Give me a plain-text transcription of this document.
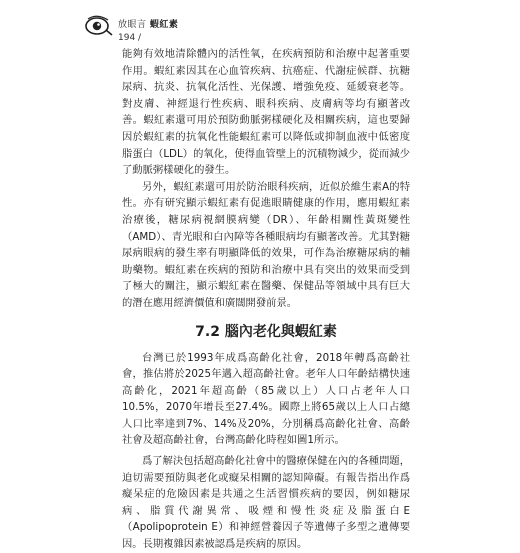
放眼言 蝦紅素
194 /

能夠有效地清除體內的活性氧，在疾病預防和治療中起著重要作用。蝦紅素因其在心血管疾病、抗癌症、代謝症候群、抗糖尿病、抗炎、抗氧化活性、光保護、增強免疫、延緩衰老等。對皮膚、神經退行性疾病、眼科疾病、皮膚病等均有顯著改善。蝦紅素還可用於預防動脈粥樣硬化及相關疾病，這也要歸因於蝦紅素的抗氧化性能蝦紅素可以降低或抑制血液中低密度脂蛋白（LDL）的氧化，使得血管壁上的沉積物減少，從而減少了動脈粥樣硬化的發生。

另外，蝦紅素還可用於防治眼科疾病，近似於維生素A的特性。亦有研究顯示蝦紅素有促進眼睛健康的作用，應用蝦紅素治療後，糖尿病視網膜病變（DR）、年齡相關性黃斑變性（AMD）、青光眼和白內障等各種眼病均有顯著改善。尤其對糖尿病眼病的發生率有明顯降低的效果，可作為治療糖尿病的輔助藥物。蝦紅素在疾病的預防和治療中具有突出的效果而受到了極大的關注，顯示蝦紅素在醫藥、保健品等領域中具有巨大的潛在應用經濟價值和廣闊開發前景。

7.2 腦內老化與蝦紅素

台灣已於1993年成爲高齡化社會，2018年轉爲高齡社會，推估將於2025年邁入超高齡社會。老年人口年齡結構快速高齡化，2021年超高齡（85歲以上）人口占老年人口10.5%，2070年增長至27.4%。國際上將65歲以上人口占總人口比率達到7%、14%及20%，分別稱爲高齡化社會、高齡社會及超高齡社會，台灣高齡化時程如圖1所示。

爲了解決包括超高齡化社會中的醫療保健在內的各種問題，迫切需要預防與老化或癡呆相關的認知障礙。有報告指出作爲癡呆症的危險因素是共通之生活習慣疾病的要因，例如糖尿病、脂質代謝異常、吸煙和慢性炎症及脂蛋白E（Apolipoprotein E）和神經營養因子等遺傳子多型之遺傳要因。長期複雜因素被認爲是疾病的原因。
